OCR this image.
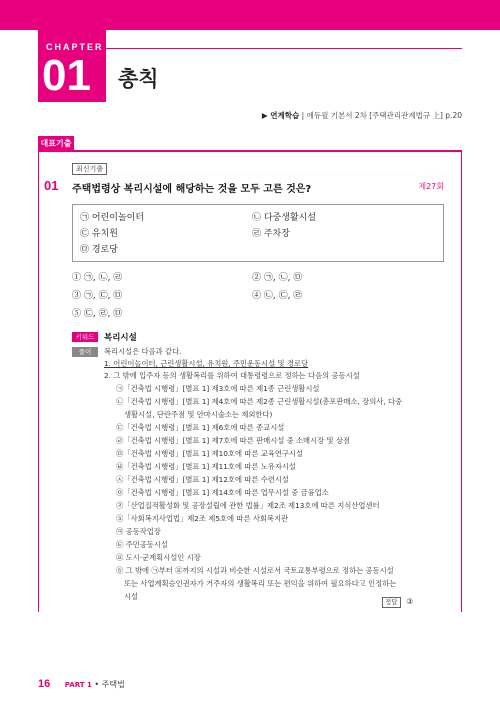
CHAPTER
01 총칙
▶ 연계학습 | 에듀윌 기본서 2차 [주택관리관계법규 上] p.20
대표기출
최신기출
01 주택법령상 복리시설에 해당하는 것을 모두 고른 것은?	제27회
㉠ 어린이놀이터	㉡ 다중생활시설
㉢ 유치원	㉣ 주차장
㉤ 경로당
① ㉠, ㉡, ㉣	② ㉠, ㉡, ㉤
③ ㉠, ㉢, ㉤	④ ㉡, ㉢, ㉣
⑤ ㉢, ㉣, ㉤
키워드	복리시설
풀이	복리시설은 다음과 같다.
1. 어린이놀이터, 근린생활시설, 유치원, 주민운동시설 및 경로당
2. 그 밖에 입주자 등의 생활복리를 위하여 대통령령으로 정하는 다음의 공동시설
㉠「건축법 시행령」[별표 1] 제3호에 따른 제1종 근린생활시설
㉡「건축법 시행령」[별표 1] 제4호에 따른 제2종 근린생활시설(총포판매소, 장의사, 다중
생활시설, 단란주점 및 안마시술소는 제외한다)
㉢「건축법 시행령」[별표 1] 제6호에 따른 종교시설
㉣「건축법 시행령」[별표 1] 제7호에 따른 판매시설 중 소매시장 및 상점
㉤「건축법 시행령」[별표 1] 제10호에 따른 교육연구시설
㉥「건축법 시행령」[별표 1] 제11호에 따른 노유자시설
㉦「건축법 시행령」[별표 1] 제12호에 따른 수련시설
㉧「건축법 시행령」[별표 1] 제14호에 따른 업무시설 중 금융업소
㉨「산업집적활성화 및 공장설립에 관한 법률」제2조 제13호에 따른 지식산업센터
㉩「사회복지사업법」제2조 제5호에 따른 사회복지관
㉪ 공동작업장
㉫ 주민공동시설
㉬ 도시·군계획시설인 시장
㉭ 그 밖에 ㉠부터 ㉬까지의 시설과 비슷한 시설로서 국토교통부령으로 정하는 공동시설
또는 사업계획승인권자가 거주자의 생활복리 또는 편익을 위하여 필요하다고 인정하는
시설
정답 ③
16 PART 1 • 주택법
